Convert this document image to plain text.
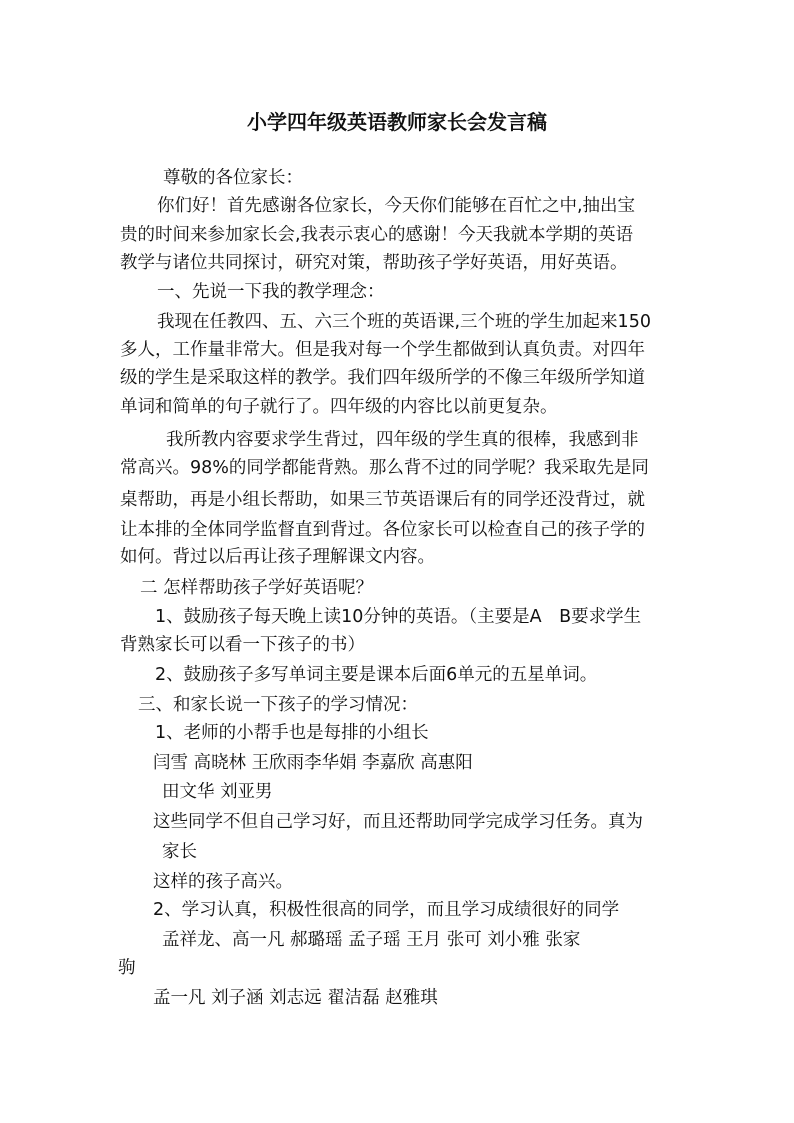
小学四年级英语教师家长会发言稿
尊敬的各位家长：
你们好！首先感谢各位家长，今天你们能够在百忙之中,抽出宝
贵的时间来参加家长会,我表示衷心的感谢！今天我就本学期的英语
教学与诸位共同探讨，研究对策，帮助孩子学好英语，用好英语。
一、先说一下我的教学理念：
我现在任教四、五、六三个班的英语课,三个班的学生加起来150
多人，工作量非常大。但是我对每一个学生都做到认真负责。对四年
级的学生是采取这样的教学。我们四年级所学的不像三年级所学知道
单词和简单的句子就行了。四年级的内容比以前更复杂。
我所教内容要求学生背过，四年级的学生真的很棒，我感到非
常高兴。98%的同学都能背熟。那么背不过的同学呢？我采取先是同
桌帮助，再是小组长帮助，如果三节英语课后有的同学还没背过，就
让本排的全体同学监督直到背过。各位家长可以检查自己的孩子学的
如何。背过以后再让孩子理解课文内容。
二 怎样帮助孩子学好英语呢？
1、鼓励孩子每天晚上读10分钟的英语。（主要是A　B要求学生
背熟家长可以看一下孩子的书）
2、鼓励孩子多写单词主要是课本后面6单元的五星单词。
三、和家长说一下孩子的学习情况：
1、老师的小帮手也是每排的小组长
闫雪 高晓林 王欣雨李华娟 李嘉欣 高惠阳
田文华 刘亚男
这些同学不但自己学习好，而且还帮助同学完成学习任务。真为
家长
这样的孩子高兴。
2、学习认真，积极性很高的同学，而且学习成绩很好的同学
孟祥龙、高一凡 郝璐瑶 孟子瑶 王月 张可 刘小雅 张家
驹
孟一凡 刘子涵 刘志远 翟洁磊 赵雅琪
